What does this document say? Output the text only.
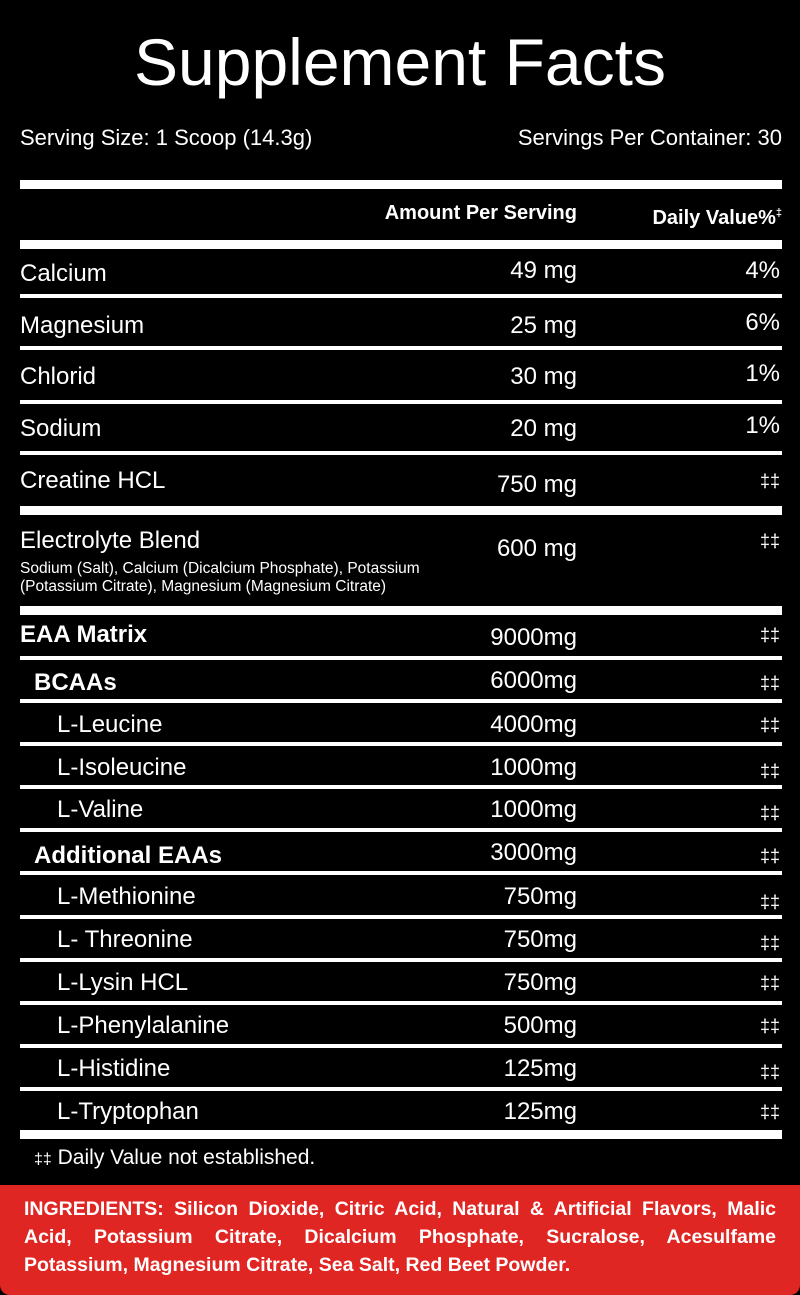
Supplement Facts
Serving Size: 1 Scoop (14.3g)	Servings Per Container: 30
Amount Per Serving	Daily Value%‡
Calcium	49 mg	4%
Magnesium	25 mg	6%
Chlorid	30 mg	1%
Sodium	20 mg	1%
Creatine HCL	750 mg	‡‡
Electrolyte Blend	600 mg	‡‡
Sodium (Salt), Calcium (Dicalcium Phosphate), Potassium (Potassium Citrate), Magnesium (Magnesium Citrate)
EAA Matrix	9000mg	‡‡
BCAAs	6000mg	‡‡
L-Leucine	4000mg	‡‡
L-Isoleucine	1000mg	‡‡
L-Valine	1000mg	‡‡
Additional EAAs	3000mg	‡‡
L-Methionine	750mg	‡‡
L- Threonine	750mg	‡‡
L-Lysin HCL	750mg	‡‡
L-Phenylalanine	500mg	‡‡
L-Histidine	125mg	‡‡
L-Tryptophan	125mg	‡‡
‡‡ Daily Value not established.
INGREDIENTS: Silicon Dioxide, Citric Acid, Natural & Artificial Flavors, Malic Acid, Potassium Citrate, Dicalcium Phosphate, Sucralose, Acesulfame Potassium, Magnesium Citrate, Sea Salt, Red Beet Powder.
